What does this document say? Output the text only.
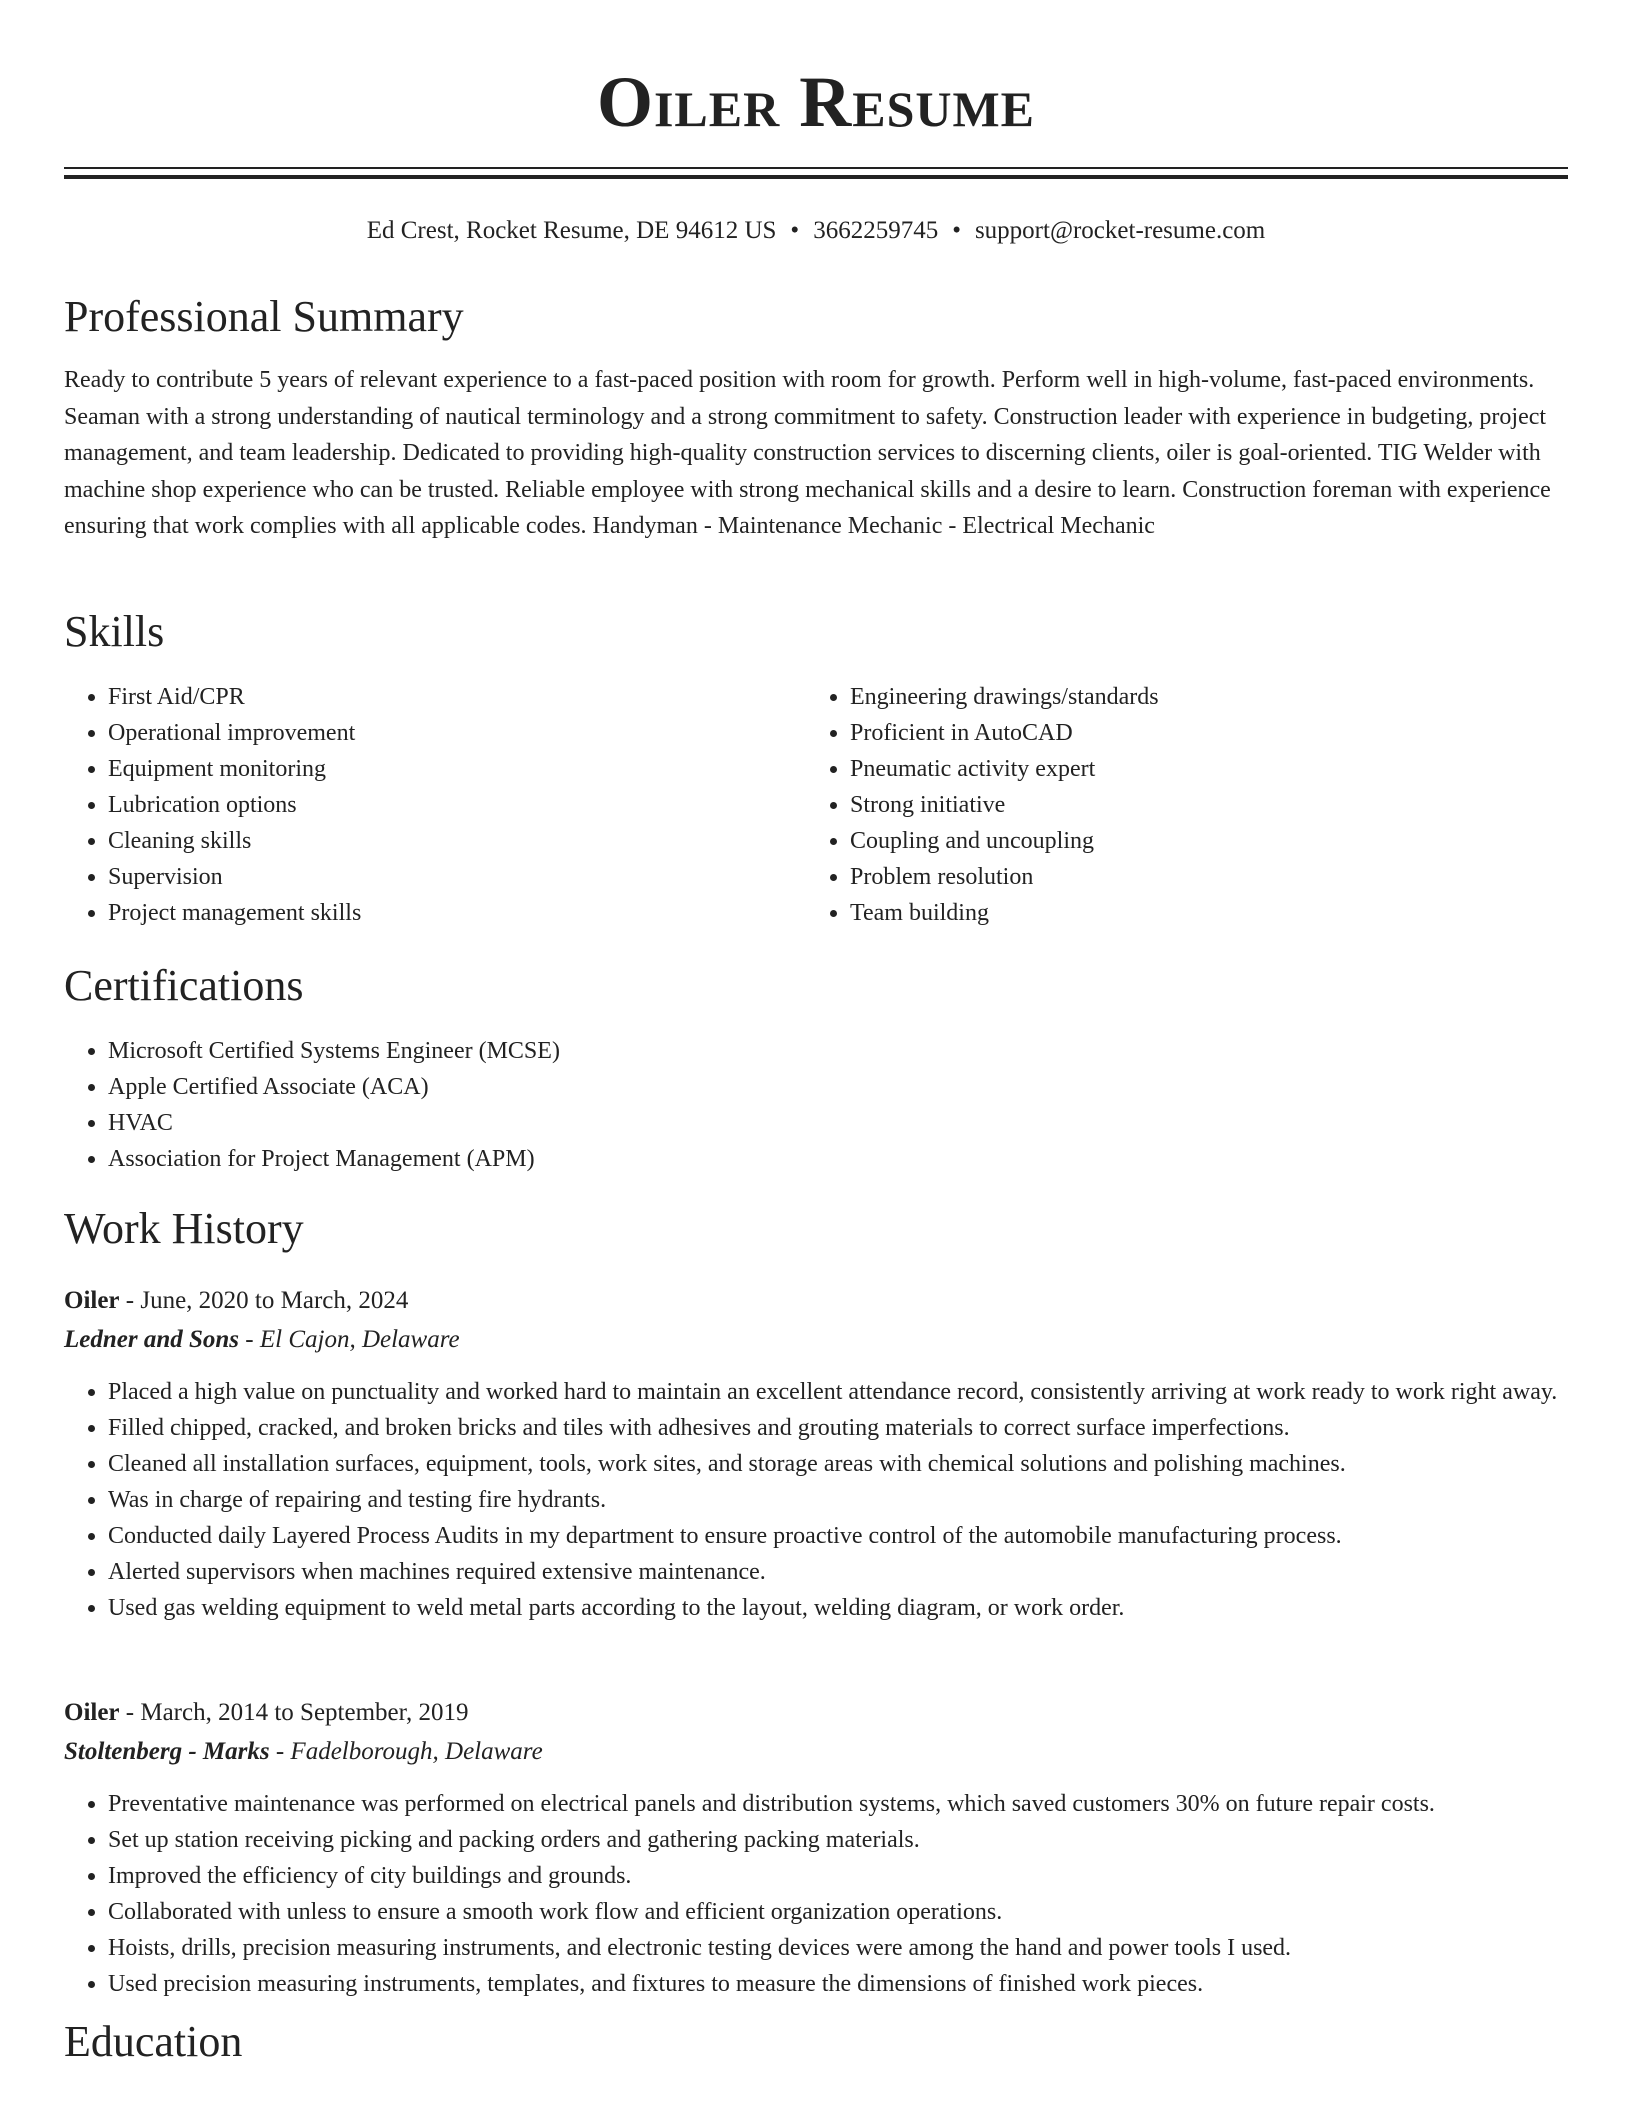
Oiler Resume
Ed Crest, Rocket Resume, DE 94612 US • 3662259745 • support@rocket-resume.com
Professional Summary

Ready to contribute 5 years of relevant experience to a fast-paced position with room for growth. Perform well in high-volume, fast-paced environments. Seaman with a strong understanding of nautical terminology and a strong commitment to safety. Construction leader with experience in budgeting, project management, and team leadership. Dedicated to providing high-quality construction services to discerning clients, oiler is goal-oriented. TIG Welder with machine shop experience who can be trusted. Reliable employee with strong mechanical skills and a desire to learn. Construction foreman with experience ensuring that work complies with all applicable codes. Handyman - Maintenance Mechanic - Electrical Mechanic

Skills
• First Aid/CPR
• Operational improvement
• Equipment monitoring
• Lubrication options
• Cleaning skills
• Supervision
• Project management skills
• Engineering drawings/standards
• Proficient in AutoCAD
• Pneumatic activity expert
• Strong initiative
• Coupling and uncoupling
• Problem resolution
• Team building
Certifications
• Microsoft Certified Systems Engineer (MCSE)
• Apple Certified Associate (ACA)
• HVAC
• Association for Project Management (APM)
Work History
Oiler - June, 2020 to March, 2024
Ledner and Sons - El Cajon, Delaware
• Placed a high value on punctuality and worked hard to maintain an excellent attendance record, consistently arriving at work ready to work right away.
• Filled chipped, cracked, and broken bricks and tiles with adhesives and grouting materials to correct surface imperfections.
• Cleaned all installation surfaces, equipment, tools, work sites, and storage areas with chemical solutions and polishing machines.
• Was in charge of repairing and testing fire hydrants.
• Conducted daily Layered Process Audits in my department to ensure proactive control of the automobile manufacturing process.
• Alerted supervisors when machines required extensive maintenance.
• Used gas welding equipment to weld metal parts according to the layout, welding diagram, or work order.
Oiler - March, 2014 to September, 2019
Stoltenberg - Marks - Fadelborough, Delaware
• Preventative maintenance was performed on electrical panels and distribution systems, which saved customers 30% on future repair costs.
• Set up station receiving picking and packing orders and gathering packing materials.
• Improved the efficiency of city buildings and grounds.
• Collaborated with unless to ensure a smooth work flow and efficient organization operations.
• Hoists, drills, precision measuring instruments, and electronic testing devices were among the hand and power tools I used.
• Used precision measuring instruments, templates, and fixtures to measure the dimensions of finished work pieces.
Education
